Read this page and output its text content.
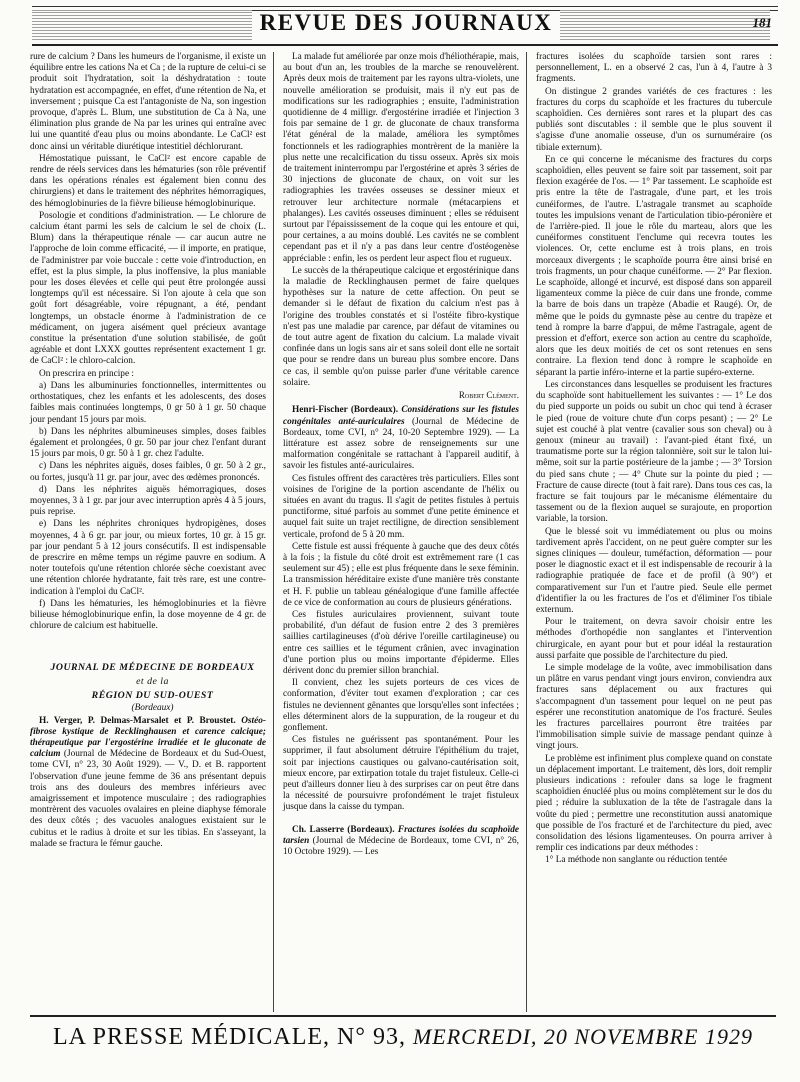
REVUE DES JOURNAUX	181

rure de calcium ? Dans les humeurs de l'organisme, il existe un équilibre entre les cations Na et Ca ; de la rupture de celui-ci se produit soit l'hydratation, soit la déshydratation : toute hydratation est accompagnée, en effet, d'une rétention de Na, et inversement ; puisque Ca est l'antagoniste de Na, son ingestion provoque, d'après L. Blum, une substitution de Ca à Na, une élimination plus grande de Na par les urines qui entraîne avec lui une quantité d'eau plus ou moins abondante. Le CaCl² est donc ainsi un véritable diurétique intestitiel déchlorurant.

Hémostatique puissant, le CaCl² est encore capable de rendre de réels services dans les hématuries (son rôle préventif dans les opérations rénales est également bien connu des chirurgiens) et dans le traitement des néphrites hémorragiques, des hémoglobinuries de la fièvre bilieuse hémoglobinurique.

Posologie et conditions d'administration. — Le chlorure de calcium étant parmi les sels de calcium le sel de choix (L. Blum) dans la thérapeutique rénale — car aucun autre ne l'approche de loin comme efficacité, — il importe, en pratique, de l'administrer par voie buccale : cette voie d'introduction, en effet, est la plus simple, la plus inoffensive, la plus maniable pour les doses élevées et celle qui peut être prolongée aussi longtemps qu'il est nécessaire. Si l'on ajoute à cela que son goût fort désagréable, voire répugnant, a été, pendant longtemps, un obstacle énorme à l'administration de ce médicament, on jugera aisément quel précieux avantage constitue la présentation d'une solution stabilisée, de goût agréable et dont LXXX gouttes représentent exactement 1 gr. de CaCl² : le chloro-calcion.

On prescrira en principe :

a) Dans les albuminuries fonctionnelles, intermittentes ou orthostatiques, chez les enfants et les adolescents, des doses faibles mais continuées longtemps, 0 gr 50 à 1 gr. 50 chaque jour pendant 15 jours par mois.

b) Dans les néphrites albumineuses simples, doses faibles également et prolongées, 0 gr. 50 par jour chez l'enfant durant 15 jours par mois, 0 gr. 50 à 1 gr. chez l'adulte.

c) Dans les néphrites aiguës, doses faibles, 0 gr. 50 à 2 gr., ou fortes, jusqu'à 11 gr. par jour, avec des œdèmes prononcés.

d) Dans les néphrites aiguës hémorragiques, doses moyennes, 3 à 1 gr. par jour avec interruption après 4 à 5 jours, puis reprise.

e) Dans les néphrites chroniques hydropigènes, doses moyennes, 4 à 6 gr. par jour, ou mieux fortes, 10 gr. à 15 gr. par jour pendant 5 à 12 jours consécutifs. Il est indispensable de prescrire en même temps un régime pauvre en sodium. A noter toutefois qu'une rétention chlorée sèche coexistant avec une rétention chlorée hydratante, fait très rare, est une contre-indication à l'emploi du CaCl².

f) Dans les hématuries, les hémoglobinuries et la fièvre bilieuse hémoglobinurique enfin, la dose moyenne de 4 gr. de chlorure de calcium est habituelle.

JOURNAL DE MÉDECINE DE BORDEAUX

et de la

RÉGION DU SUD-OUEST

(Bordeaux)

H. Verger, P. Delmas-Marsalet et P. Broustet. Ostéo-fibrose kystique de Recklinghausen et carence calcique; thérapeutique par l'ergostérine irradiée et le gluconate de calcium (Journal de Médecine de Bordeaux et du Sud-Ouest, tome CVI, n° 23, 30 Août 1929). — V., D. et B. rapportent l'observation d'une jeune femme de 36 ans présentant depuis trois ans des douleurs des membres inférieurs avec amaigrissement et impotence musculaire ; des radiographies montrèrent des vacuoles ovalaires en pleine diaphyse fémorale des deux côtés ; des vacuoles analogues existaient sur le cubitus et le radius à droite et sur les tibias. En s'asseyant, la malade se fractura le fémur gauche.

La malade fut améliorée par onze mois d'héliothérapie, mais, au bout d'un an, les troubles de la marche se renouvelèrent. Après deux mois de traitement par les rayons ultra-violets, une nouvelle amélioration se produisit, mais il n'y eut pas de modifications sur les radiographies ; ensuite, l'administration quotidienne de 4 milligr. d'ergostérine irradiée et l'injection 3 fois par semaine de 1 gr. de gluconate de chaux transforma l'état général de la malade, améliora les symptômes fonctionnels et les radiographies montrèrent de la manière la plus nette une recalcification du tissu osseux. Après six mois de traitement ininterrompu par l'ergostérine et après 3 séries de 30 injections de gluconate de chaux, on voit sur les radiographies les travées osseuses se dessiner mieux et retrouver leur architecture normale (métacarpiens et phalanges). Les cavités osseuses diminuent ; elles se réduisent surtout par l'épaississement de la coque qui les entoure et qui, pour certaines, a au moins doublé. Les cavités ne se comblent cependant pas et il n'y a pas dans leur centre d'ostéogenèse appréciable : enfin, les os perdent leur aspect flou et rugueux.

Le succès de la thérapeutique calcique et ergostérinique dans la maladie de Recklinghausen permet de faire quelques hypothèses sur la nature de cette affection. On peut se demander si le défaut de fixation du calcium n'est pas à l'origine des troubles constatés et si l'ostéite fibro-kystique n'est pas une maladie par carence, par défaut de vitamines ou de tout autre agent de fixation du calcium. La malade vivait confinée dans un logis sans air et sans soleil dont elle ne sortait que pour se rendre dans un bureau plus sombre encore. Dans ce cas, il semble qu'on puisse parler d'une véritable carence solaire.

Robert Clément.

Henri-Fischer (Bordeaux). Considérations sur les fistules congénitales anté-auriculaires (Journal de Médecine de Bordeaux, tome CVI, n° 24, 10-20 Septembre 1929). — La littérature est assez sobre de renseignements sur une malformation congénitale se rattachant à l'appareil auditif, à savoir les fistules anté-auriculaires.

Ces fistules offrent des caractères très particuliers. Elles sont voisines de l'origine de la portion ascendante de l'hélix ou situées en avant du tragus. Il s'agit de petites fistules à pertuis punctiforme, situé parfois au sommet d'une petite éminence et auquel fait suite un trajet rectiligne, de direction sensiblement verticale, profond de 5 à 20 mm.

Cette fistule est aussi fréquente à gauche que des deux côtés à la fois ; la fistule du côté droit est extrêmement rare (1 cas seulement sur 45) ; elle est plus fréquente dans le sexe féminin. La transmission héréditaire existe d'une manière très constante et H. F. publie un tableau généalogique d'une famille affectée de ce vice de conformation au cours de plusieurs générations.

Ces fistules auriculaires proviennent, suivant toute probabilité, d'un défaut de fusion entre 2 des 3 premières saillies cartilagineuses (d'où dérive l'oreille cartilagineuse) ou entre ces saillies et le tégument crânien, avec invagination d'une portion plus ou moins importante d'épiderme. Elles dérivent donc du premier sillon branchial.

Il convient, chez les sujets porteurs de ces vices de conformation, d'éviter tout examen d'exploration ; car ces fistules ne deviennent gênantes que lorsqu'elles sont infectées ; elles déterminent alors de la suppuration, de la rougeur et du gonflement.

Ces fistules ne guérissent pas spontanément. Pour les supprimer, il faut absolument détruire l'épithélium du trajet, soit par injections caustiques ou galvano-cautérisation soit, mieux encore, par extirpation totale du trajet fistuleux. Celle-ci peut d'ailleurs donner lieu à des surprises car on peut être dans la nécessité de poursuivre profondément le trajet fistuleux jusque dans la caisse du tympan.

Ch. Lasserre (Bordeaux). Fractures isolées du scaphoïde tarsien (Journal de Médecine de Bordeaux, tome CVI, n° 26, 10 Octobre 1929). — Les

fractures isolées du scaphoïde tarsien sont rares : personnellement, L. en a observé 2 cas, l'un à 4, l'autre à 3 fragments.

On distingue 2 grandes variétés de ces fractures : les fractures du corps du scaphoïde et les fractures du tubercule scaphoïdien. Ces dernières sont rares et la plupart des cas publiés sont discutables : il semble que le plus souvent il s'agisse d'une anomalie osseuse, d'un os surnuméraire (os tibiale externum).

En ce qui concerne le mécanisme des fractures du corps scaphoïdien, elles peuvent se faire soit par tassement, soit par flexion exagérée de l'os. — 1° Par tassement. Le scaphoïde est pris entre la tête de l'astragale, d'une part, et les trois cunéiformes, de l'autre. L'astragale transmet au scaphoïde toutes les impulsions venant de l'articulation tibio-péronière et de l'arrière-pied. Il joue le rôle du marteau, alors que les cunéiformes constituent l'enclume qui recevra toutes les violences. Or, cette enclume est à trois plans, en trois morceaux divergents ; le scaphoïde pourra être ainsi brisé en trois fragments, un pour chaque cunéiforme. — 2° Par flexion. Le scaphoïde, allongé et incurvé, est disposé dans son appareil ligamenteux comme la pièce de cuir dans une fronde, comme la barre de bois dans un trapèze (Abadie et Raugé). Or, de même que le poids du gymnaste pèse au centre du trapèze et tend à rompre la barre d'appui, de même l'astragale, agent de pression et d'effort, exerce son action au centre du scaphoïde, alors que les deux moitiés de cet os sont retenues en sens contraire. La flexion tend donc à rompre le scaphoïde en séparant la partie inféro-interne et la partie supéro-externe.

Les circonstances dans lesquelles se produisent les fractures du scaphoïde sont habituellement les suivantes : — 1° Le dos du pied supporte un poids ou subit un choc qui tend à écraser le pied (roue de voiture chute d'un corps pesant) ; — 2° Le sujet est couché à plat ventre (cavalier sous son cheval) ou à genoux (mineur au travail) : l'avant-pied étant fixé, un traumatisme porte sur la région talonnière, soit sur le talon lui-même, soit sur la partie postérieure de la jambe ; — 3° Torsion du pied sans chute ; — 4° Chute sur la pointe du pied ; — Fracture de cause directe (tout à fait rare). Dans tous ces cas, la fracture se fait toujours par le mécanisme élémentaire du tassement ou de la flexion auquel se surajoute, en proportion variable, la torsion.

Que le blessé soit vu immédiatement ou plus ou moins tardivement après l'accident, on ne peut guère compter sur les signes cliniques — douleur, tuméfaction, déformation — pour poser le diagnostic exact et il est indispensable de recourir à la radiographie pratiquée de face et de profil (à 90°) et comparativement sur l'un et l'autre pied. Seule elle permet d'identifier la ou les fractures de l'os et d'éliminer l'os tibiale externum.

Pour le traitement, on devra savoir choisir entre les méthodes d'orthopédie non sanglantes et l'intervention chirurgicale, en ayant pour but et pour idéal la restauration aussi parfaite que possible de l'architecture du pied.

Le simple modelage de la voûte, avec immobilisation dans un plâtre en varus pendant vingt jours environ, conviendra aux fractures sans déplacement ou aux fractures qui s'accompagnent d'un tassement pour lequel on ne peut pas espérer une reconstitution anatomique de l'os fracturé. Seules les fractures parcellaires pourront être traitées par l'immobilisation simple suivie de massage pendant quinze à vingt jours.

Le problème est infiniment plus complexe quand on constate un déplacement important. Le traitement, dès lors, doit remplir plusieurs indications : refouler dans sa loge le fragment scaphoïdien énucléé plus ou moins complètement sur le dos du pied ; réduire la subluxation de la tête de l'astragale dans la voûte du pied ; permettre une reconstitution aussi anatomique que possible de l'os fracturé et de l'architecture du pied, avec consolidation des lésions ligamenteuses. On pourra arriver à remplir ces indications par deux méthodes :

1° La méthode non sanglante ou réduction tentée

LA PRESSE MÉDICALE, N° 93, MERCREDI, 20 NOVEMBRE 1929
